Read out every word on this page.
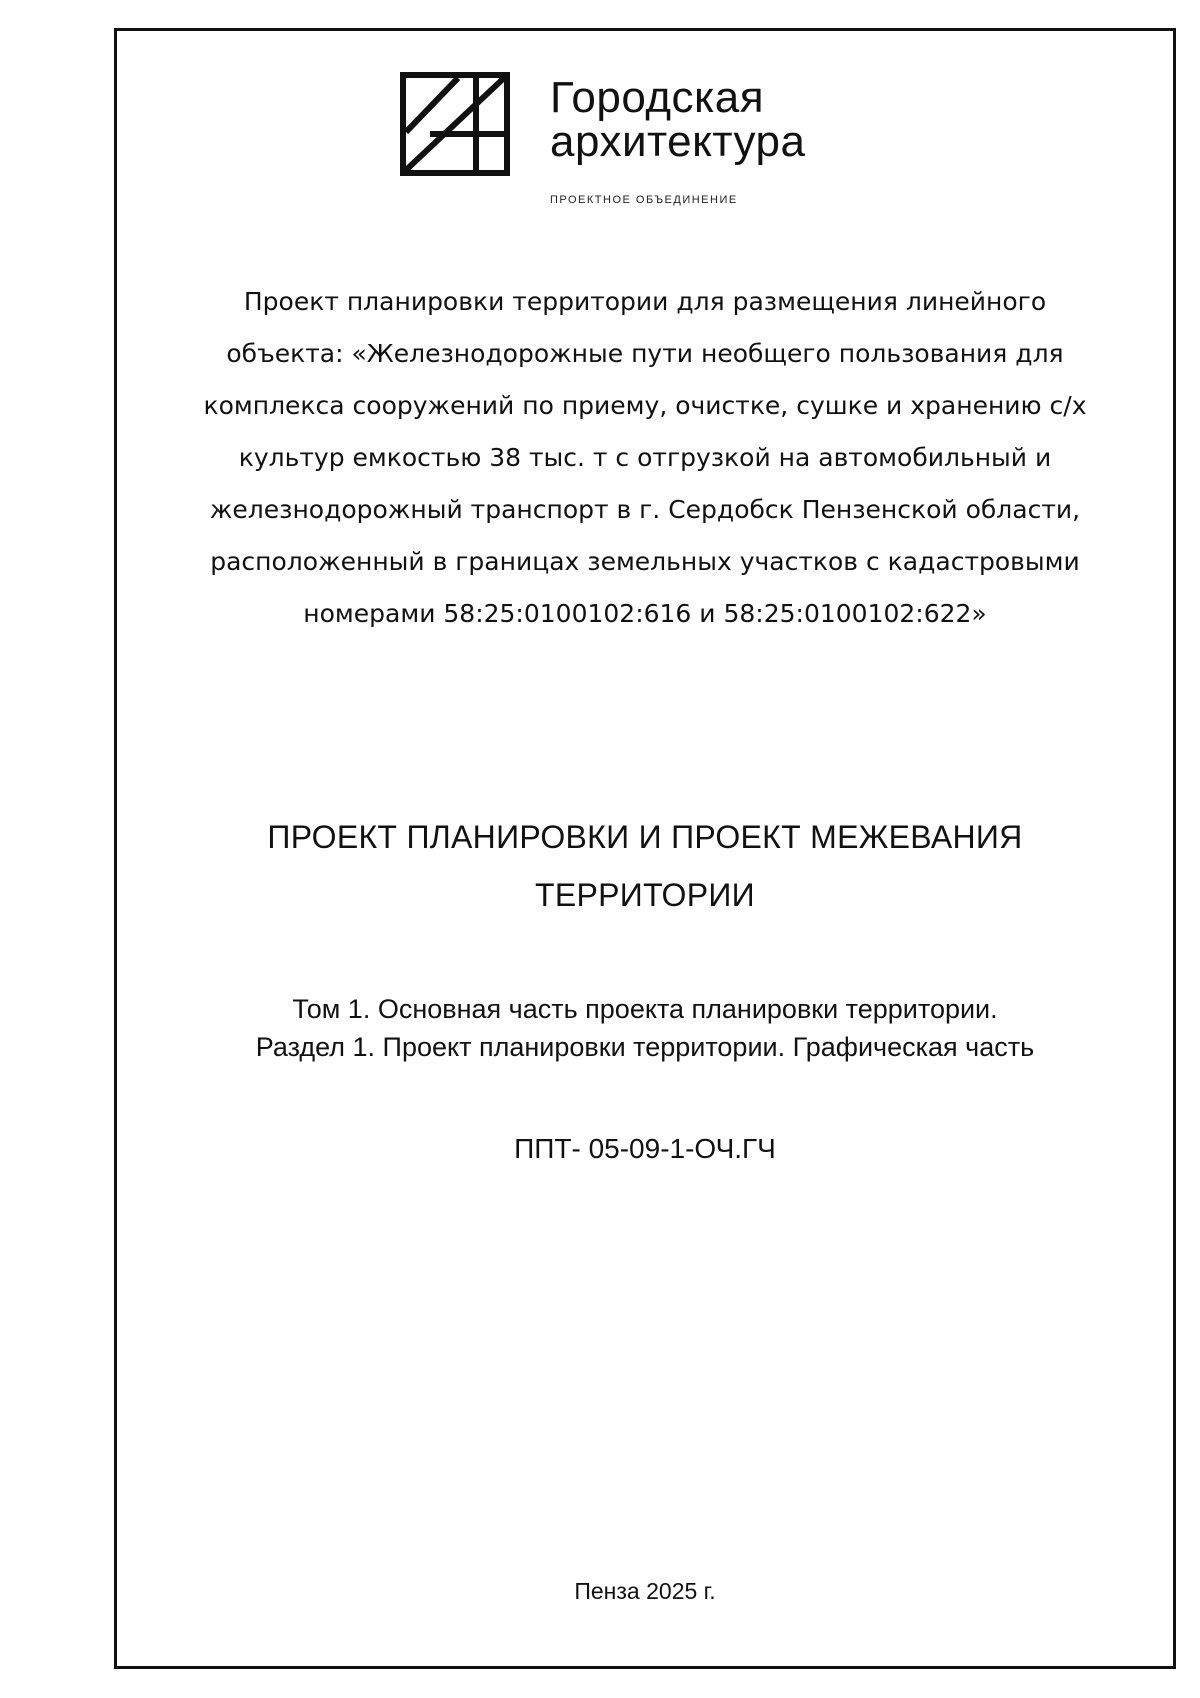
Городская
архитектура
ПРОЕКТНОЕ ОБЪЕДИНЕНИЕ
Проект планировки территории для размещения линейного
объекта: «Железнодорожные пути необщего пользования для
комплекса сооружений по приему, очистке, сушке и хранению с/х
культур емкостью 38 тыс. т с отгрузкой на автомобильный и
железнодорожный транспорт в г. Сердобск Пензенской области,
расположенный в границах земельных участков с кадастровыми
номерами 58:25:0100102:616 и 58:25:0100102:622»
ПРОЕКТ ПЛАНИРОВКИ И ПРОЕКТ МЕЖЕВАНИЯ
ТЕРРИТОРИИ
Том 1. Основная часть проекта планировки территории.
Раздел 1. Проект планировки территории. Графическая часть
ППТ- 05-09-1-ОЧ.ГЧ
Пенза 2025 г.
